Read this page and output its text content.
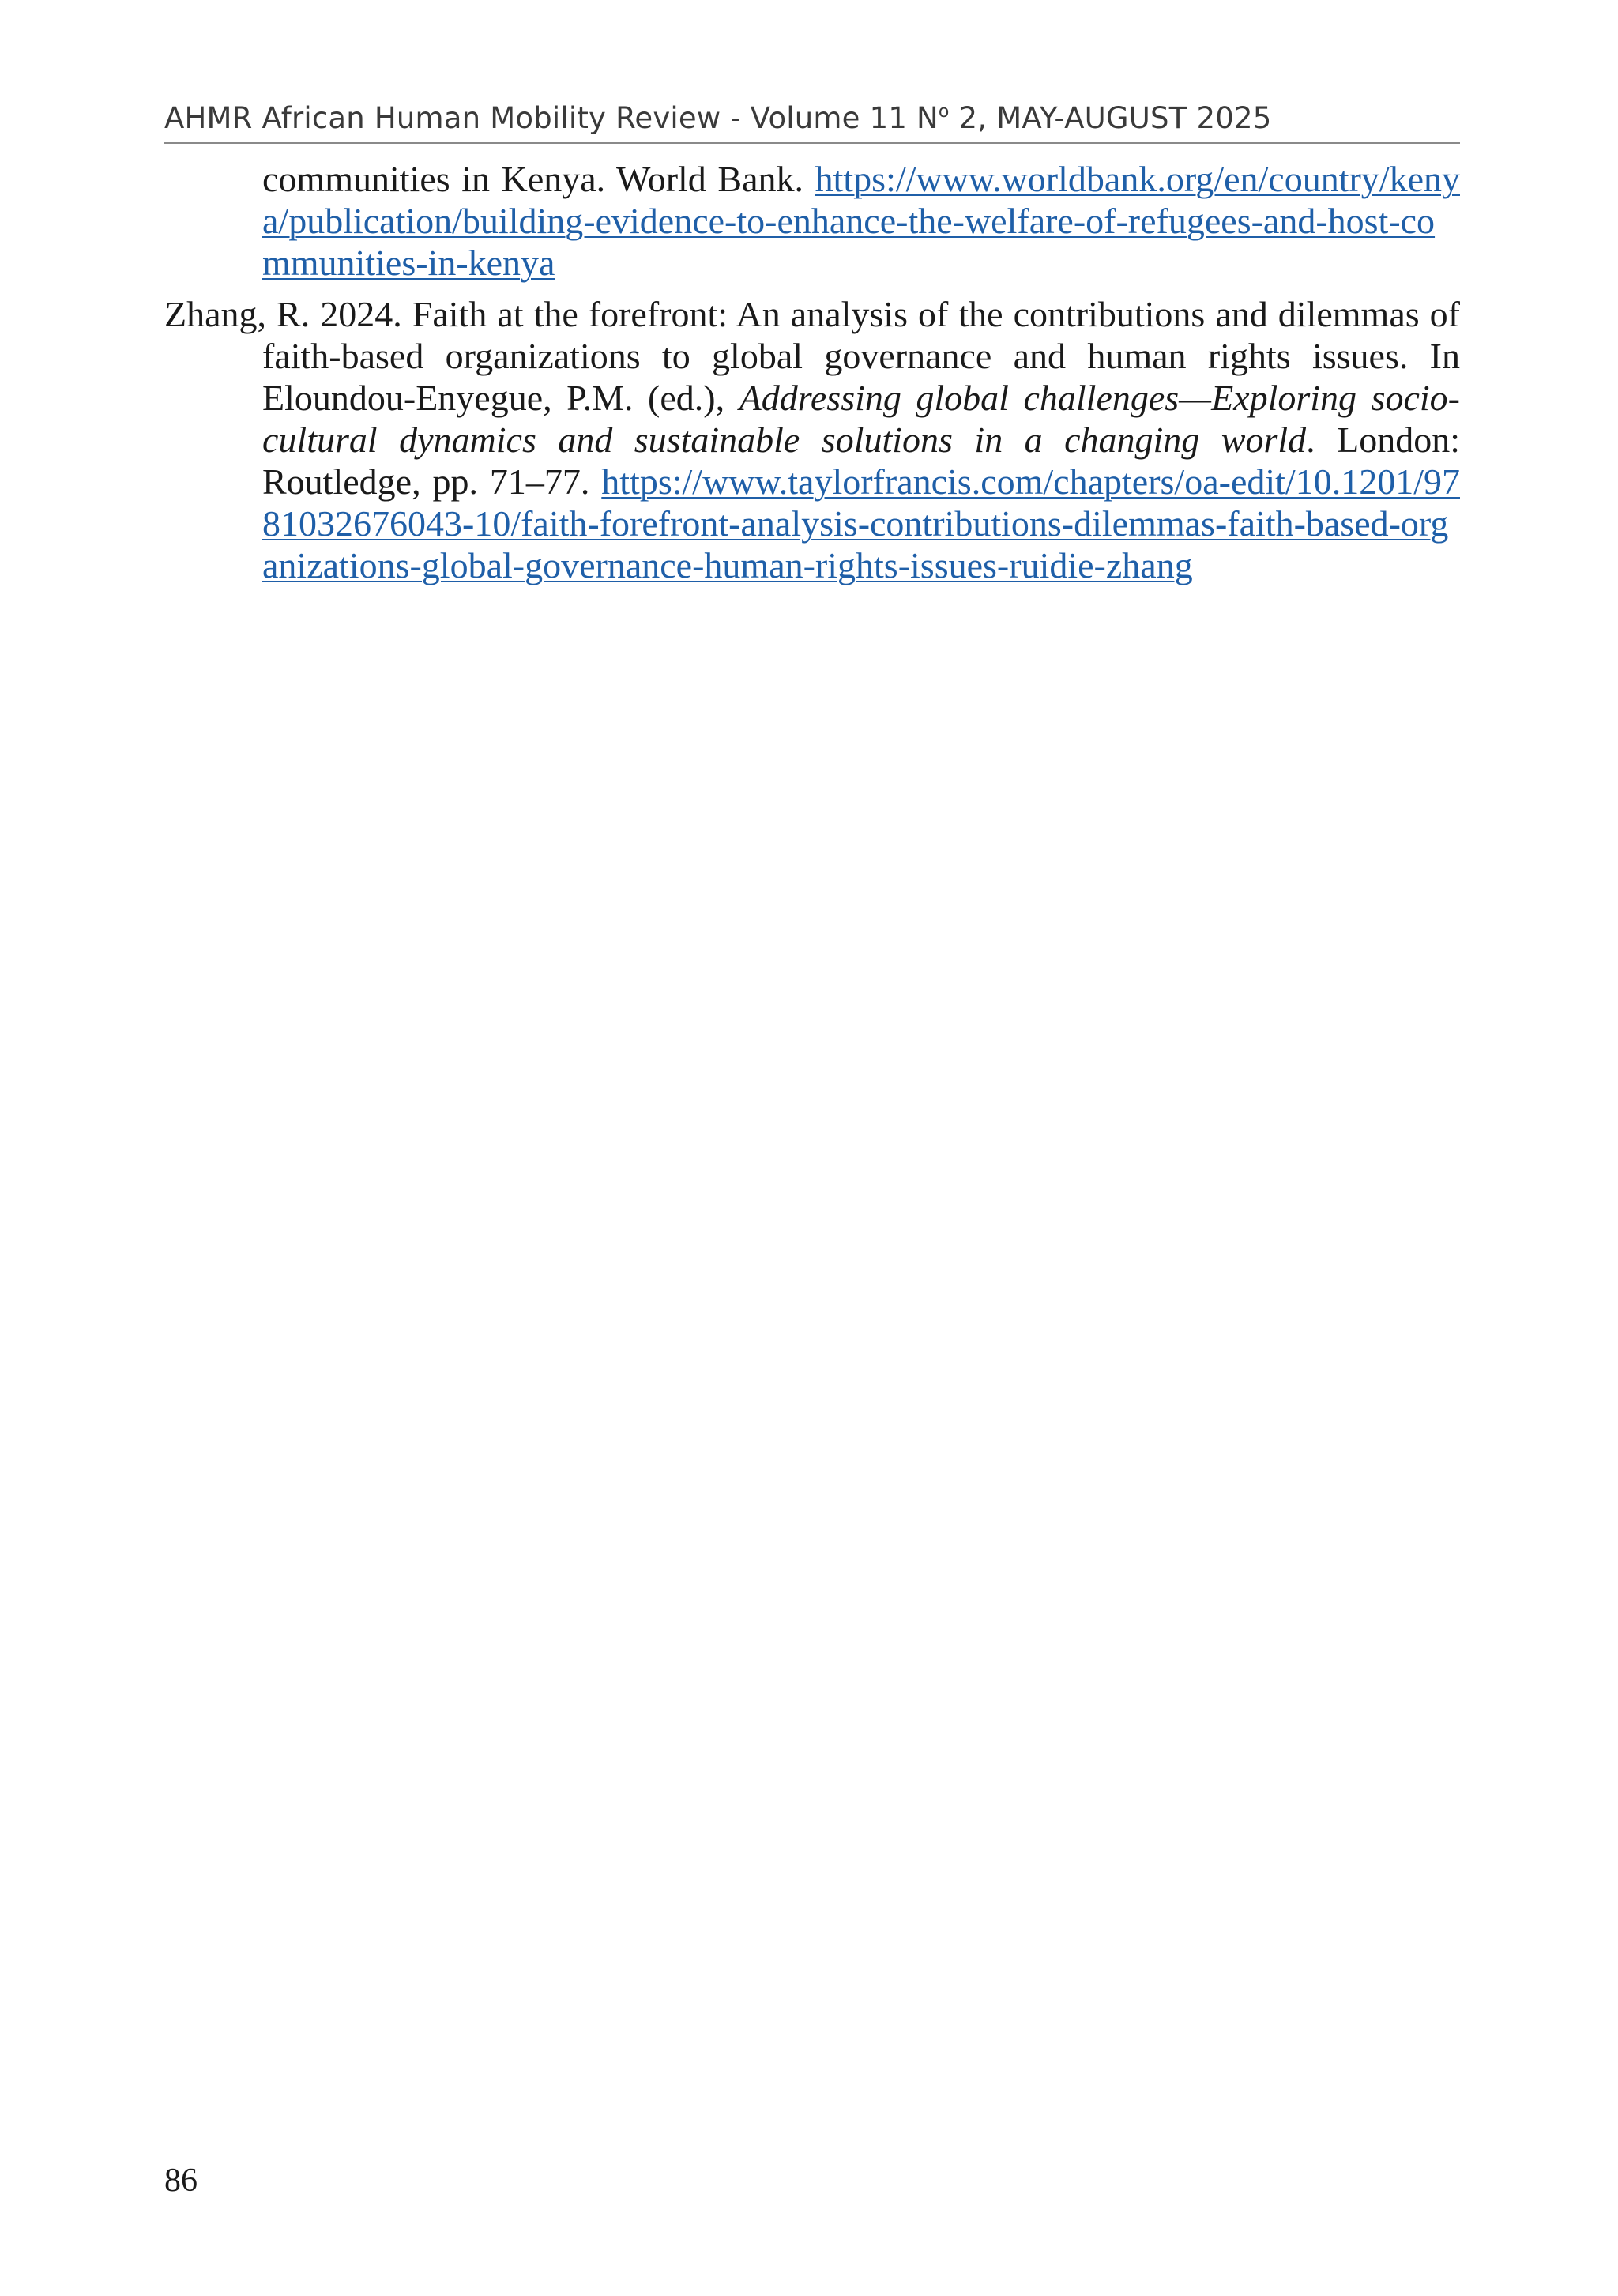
AHMR African Human Mobility Review - Volume 11 $N^o$ 2, MAY-AUGUST 2025

communities in Kenya. World Bank. https://www.worldbank.org/en/country/kenya/publication/building-evidence-to-enhance-the-welfare-of-refugees-and-host-communities-in-kenya

Zhang, R. 2024. Faith at the forefront: An analysis of the contributions and dilemmas of faith-based organizations to global governance and human rights issues. In Eloundou-Enyegue, P.M. (ed.), Addressing global challenges—Exploring socio-cultural dynamics and sustainable solutions in a changing world. London: Routledge, pp. 71–77. https://www.taylorfrancis.com/chapters/oa-edit/10.1201/9781032676043-10/faith-forefront-analysis-contributions-dilemmas-faith-based-organizations-global-governance-human-rights-issues-ruidie-zhang

86
